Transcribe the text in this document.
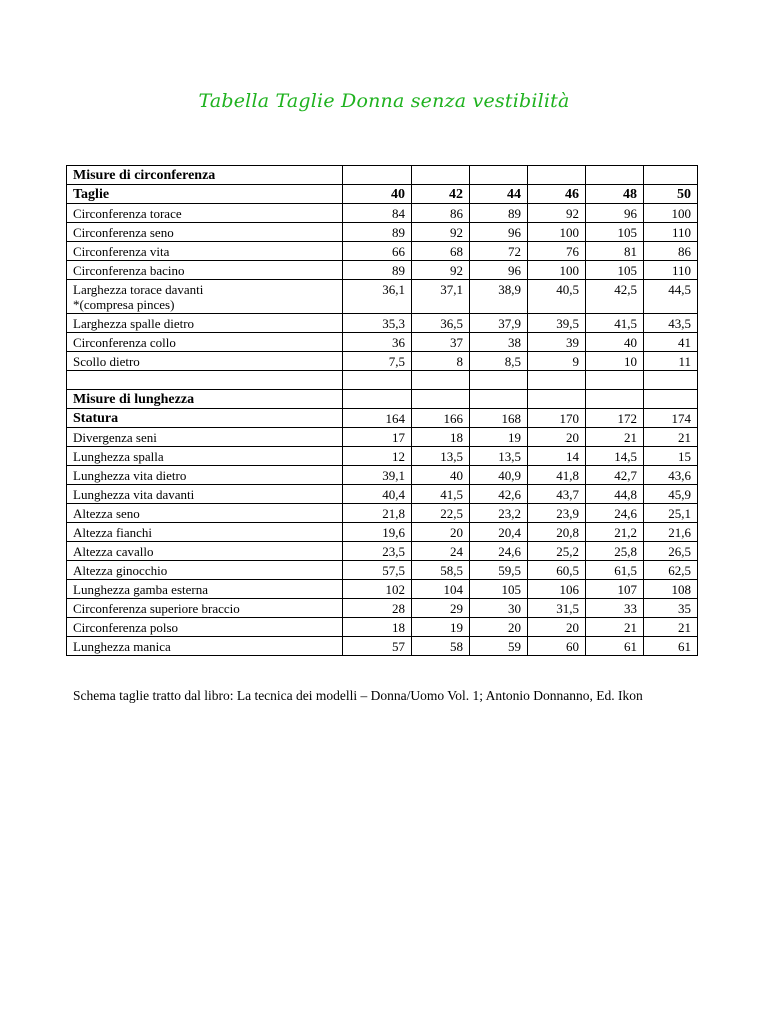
Tabella Taglie Donna senza vestibilità
Misure di circonferenza						
Taglie	40	42	44	46	48	50

Circonferenza torace	84	86	89	92	96	100

Circonferenza seno	89	92	96	100	105	110

Circonferenza vita	66	68	72	76	81	86

Circonferenza bacino	89	92	96	100	105	110

Larghezza torace davanti
*(compresa pinces)	36,1	37,1	38,9	40,5	42,5	44,5

Larghezza spalle dietro	35,3	36,5	37,9	39,5	41,5	43,5

Circonferenza collo	36	37	38	39	40	41

Scollo dietro	7,5	8	8,5	9	10	11

Misure di lunghezza						
Statura	164	166	168	170	172	174
Divergenza seni	17	18	19	20	21	21
Lunghezza spalla	12	13,5	13,5	14	14,5	15
Lunghezza vita dietro	39,1	40	40,9	41,8	42,7	43,6
Lunghezza vita davanti	40,4	41,5	42,6	43,7	44,8	45,9
Altezza seno	21,8	22,5	23,2	23,9	24,6	25,1
Altezza fianchi	19,6	20	20,4	20,8	21,2	21,6
Altezza cavallo	23,5	24	24,6	25,2	25,8	26,5
Altezza ginocchio	57,5	58,5	59,5	60,5	61,5	62,5
Lunghezza gamba esterna	102	104	105	106	107	108
Circonferenza superiore braccio	28	29	30	31,5	33	35
Circonferenza polso	18	19	20	20	21	21
Lunghezza manica	57	58	59	60	61	61
Schema taglie tratto dal libro: La tecnica dei modelli – Donna/Uomo Vol. 1; Antonio Donnanno, Ed. Ikon
